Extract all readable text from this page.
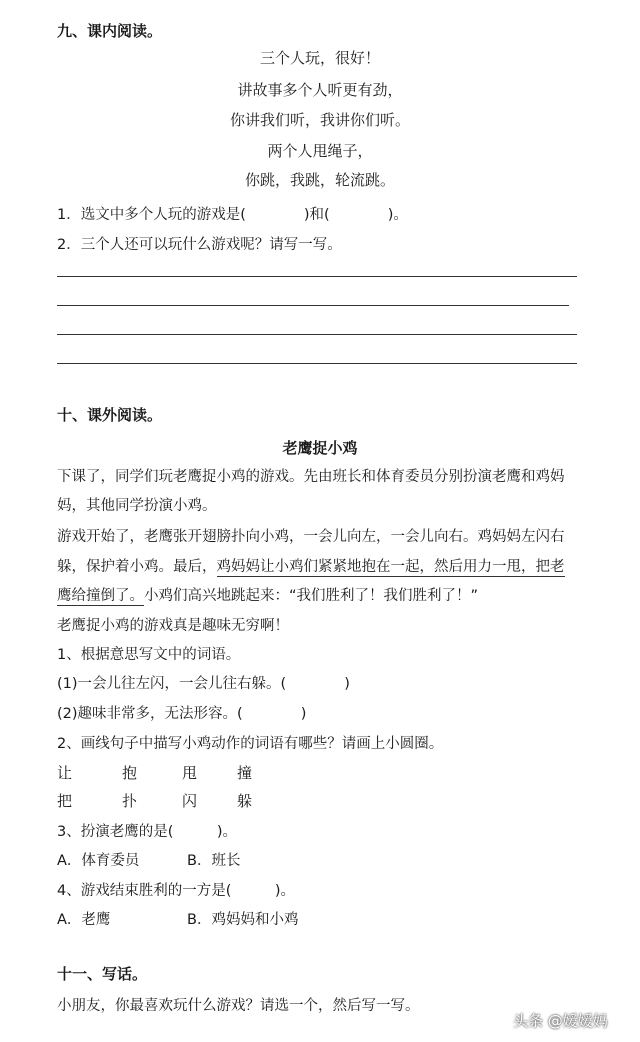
九、课内阅读。
三个人玩，很好！
讲故事多个人听更有劲，
你讲我们听，我讲你们听。
两个人甩绳子，
你跳，我跳，轮流跳。
1．选文中多个人玩的游戏是(　　　　)和(　　　　)。
2．三个人还可以玩什么游戏呢？请写一写。
十、课外阅读。
老鹰捉小鸡
下课了，同学们玩老鹰捉小鸡的游戏。先由班长和体育委员分别扮演老鹰和鸡妈
妈，其他同学扮演小鸡。
游戏开始了，老鹰张开翅膀扑向小鸡，一会儿向左，一会儿向右。鸡妈妈左闪右
躲，保护着小鸡。最后，鸡妈妈让小鸡们紧紧地抱在一起，然后用力一甩，把老
鹰给撞倒了。小鸡们高兴地跳起来：“我们胜利了！我们胜利了！”
老鹰捉小鸡的游戏真是趣味无穷啊！
1、根据意思写文中的词语。
(1)一会儿往左闪，一会儿往右躲。(　　　　)
(2)趣味非常多，无法形容。(　　　　)
2、画线句子中描写小鸡动作的词语有哪些？请画上小圆圈。
让	抱	甩	撞
把	扑	闪	躲
3、扮演老鹰的是(　　　)。
A．体育委员	B．班长
4、游戏结束胜利的一方是(　　　)。
A．老鹰	B．鸡妈妈和小鸡
十一、写话。
小朋友，你最喜欢玩什么游戏？请选一个，然后写一写。
头条 @嫒嫒妈
